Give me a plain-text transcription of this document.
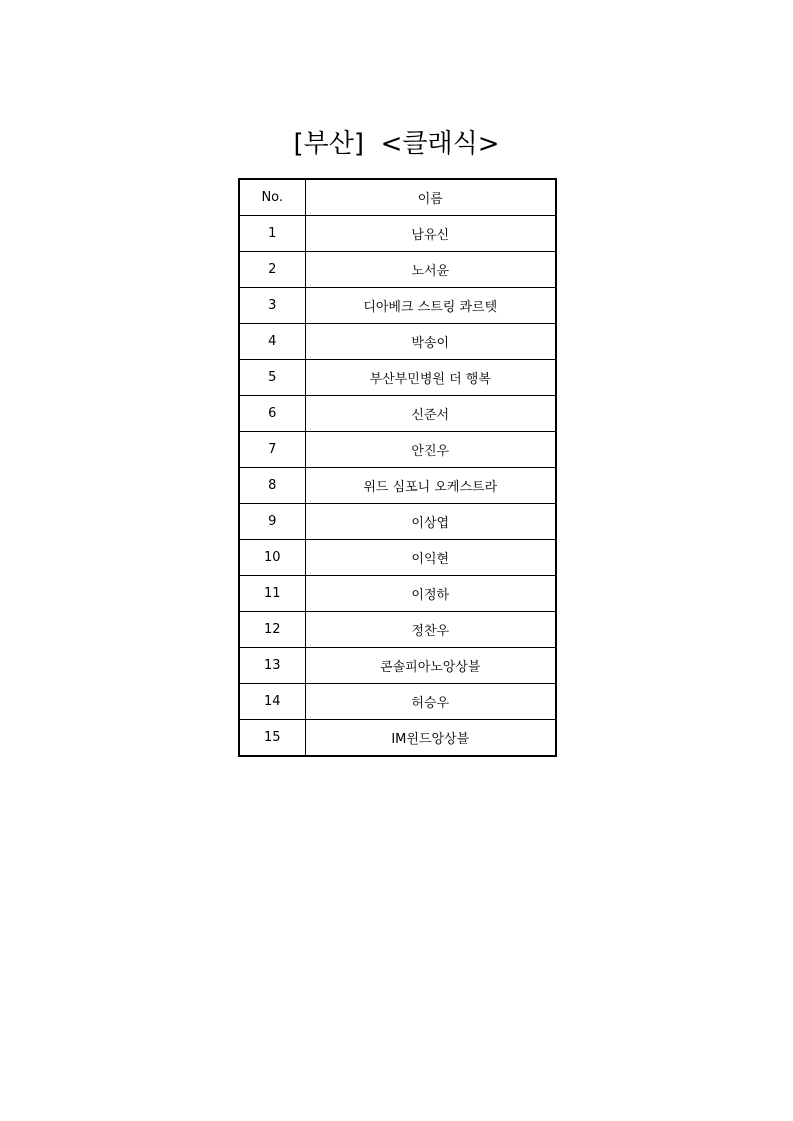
[부산]  <클래식>
No.	이름
1	남유신
2	노서윤
3	디아베크 스트링 콰르텟
4	박송이
5	부산부민병원 더 행복
6	신준서
7	안진우
8	위드 심포니 오케스트라
9	이상엽
10	이익현
11	이정하
12	정찬우
13	콘솔피아노앙상블
14	허승우
15	IM윈드앙상블
